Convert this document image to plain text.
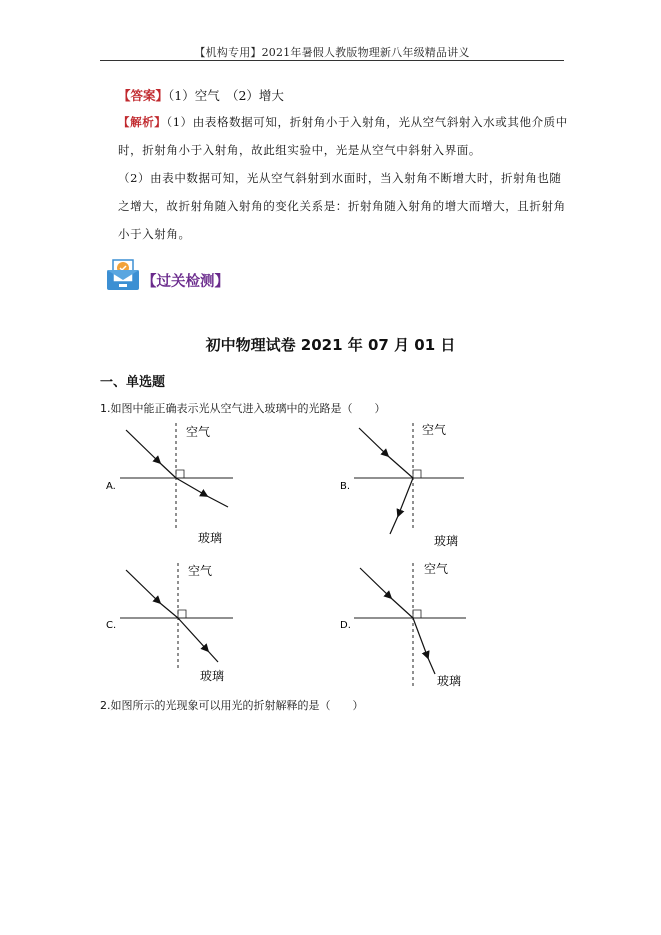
【机构专用】2021年暑假人教版物理新八年级精品讲义
【答案】（1）空气　（2）增大
【解析】（1）由表格数据可知，折射角小于入射角，光从空气斜射入水或其他介质中时，折射角小于入射角，故此组实验中，光是从空气中斜射入界面。
（2）由表中数据可知，光从空气斜射到水面时，当入射角不断增大时，折射角也随之增大，故折射角随入射角的变化关系是：折射角随入射角的增大而增大，且折射角小于入射角。
【过关检测】
初中物理试卷 2021 年 07 月 01 日
一、单选题
1.如图中能正确表示光从空气进入玻璃中的光路是（　　）
A.
空气
玻璃
B.
空气
玻璃
C.
空气
玻璃
D.
空气
玻璃
2.如图所示的光现象可以用光的折射解释的是（　　）
